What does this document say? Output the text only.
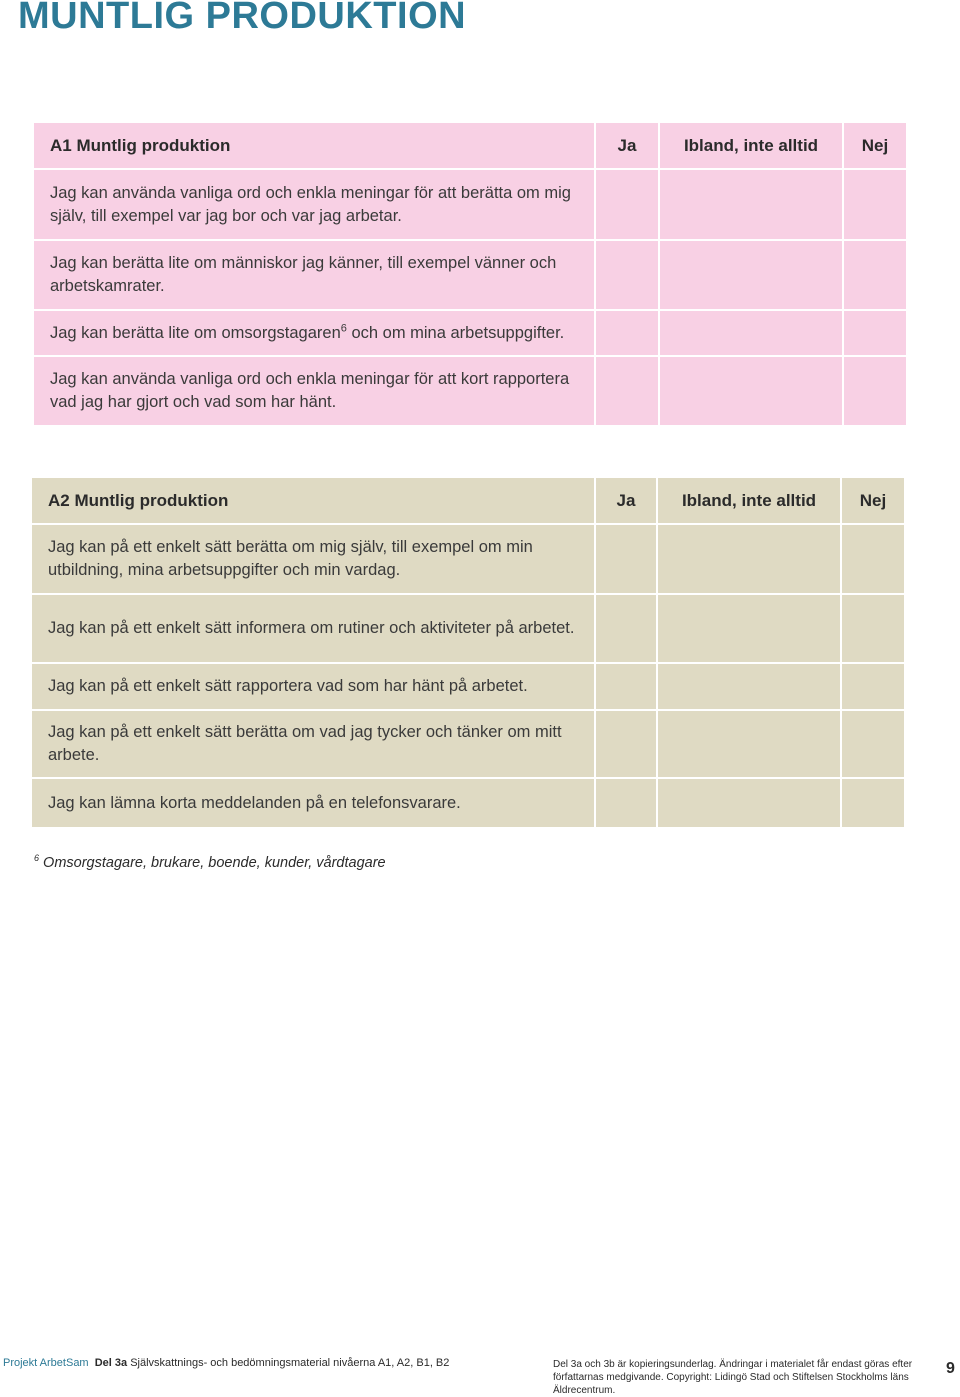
MUNTLIG PRODUKTION
A1 Muntlig produktion	Ja	Ibland, inte alltid	Nej
Jag kan använda vanliga ord och enkla meningar för att berätta om mig själv, till exempel var jag bor och var jag arbetar.			
Jag kan berätta lite om människor jag känner, till exempel vänner och arbetskamrater.			
Jag kan berätta lite om omsorgstagaren$^6$ och om mina arbetsuppgifter.			
Jag kan använda vanliga ord och enkla meningar för att kort rapportera vad jag har gjort och vad som har hänt.			
A2 Muntlig produktion	Ja	Ibland, inte alltid	Nej
Jag kan på ett enkelt sätt berätta om mig själv, till exempel om min utbildning, mina arbetsuppgifter och min vardag.			
Jag kan på ett enkelt sätt informera om rutiner och aktiviteter på arbetet.			
Jag kan på ett enkelt sätt rapportera vad som har hänt på arbetet.			
Jag kan på ett enkelt sätt berätta om vad jag tycker och tänker om mitt arbete.			
Jag kan lämna korta meddelanden på en telefonsvarare.			
$^6$ Omsorgstagare, brukare, boende, kunder, vårdtagare
Projekt ArbetSam Del 3a Självskattnings- och bedömningsmaterial nivåerna A1, A2, B1, B2	Del 3a och 3b är kopieringsunderlag. Ändringar i materialet får endast göras efter författarnas medgivande. Copyright: Lidingö Stad och Stiftelsen Stockholms läns Äldrecentrum.
9
